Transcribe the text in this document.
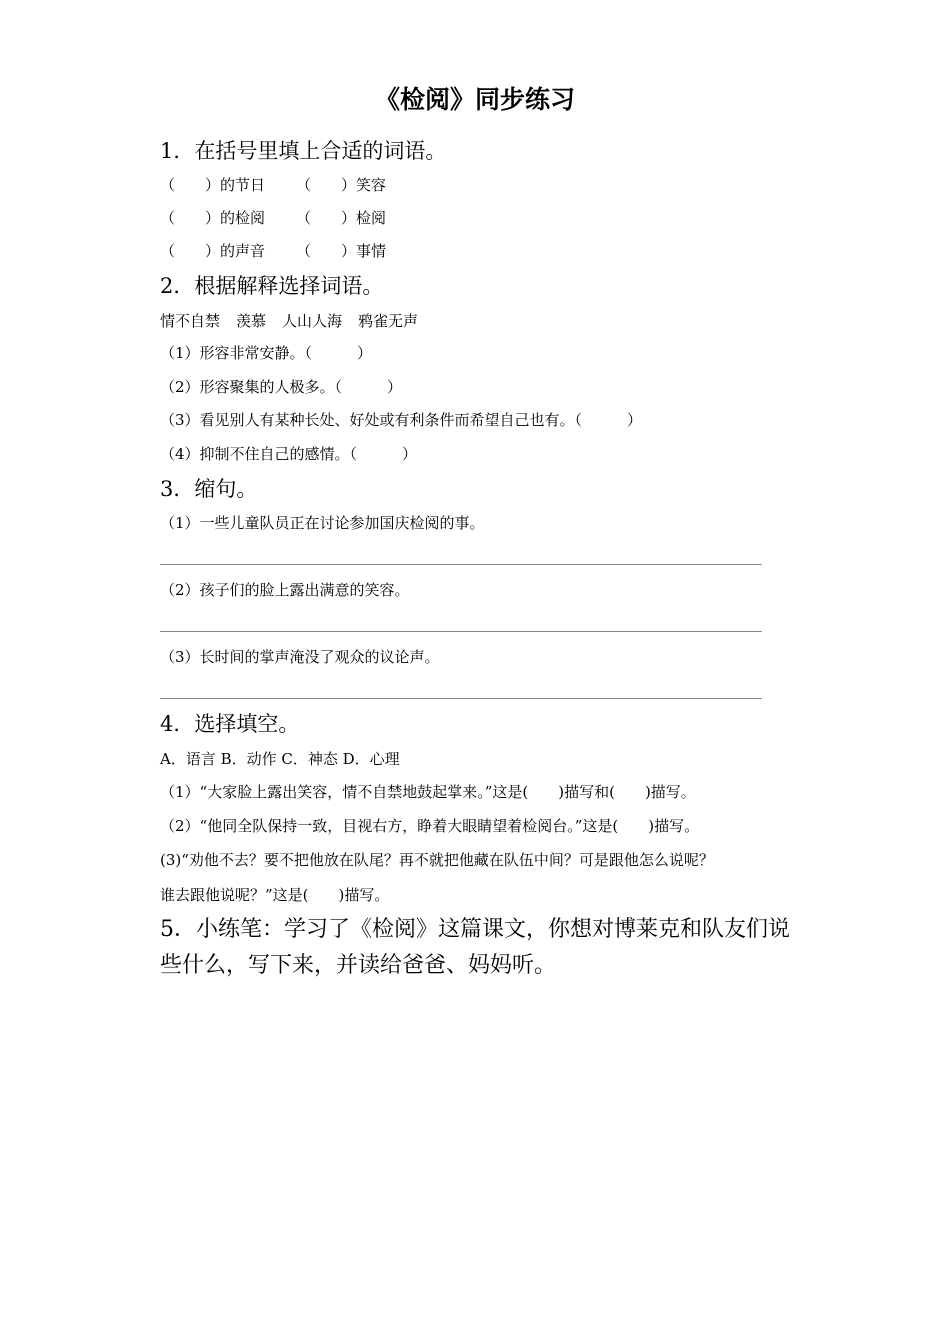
《检阅》同步练习
1．在括号里填上合适的词语。
（　　）的节日 （　　）笑容
（　　）的检阅 （　　）检阅
（　　）的声音 （　　）事情
2．根据解释选择词语。
情不自禁 羡慕 人山人海 鸦雀无声
（1）形容非常安静。（　　　）
（2）形容聚集的人极多。（　　　）
（3）看见别人有某种长处、好处或有利条件而希望自己也有。（　　　）
（4）抑制不住自己的感情。（　　　）
3．缩句。
（1）一些儿童队员正在讨论参加国庆检阅的事。
（2）孩子们的脸上露出满意的笑容。
（3）长时间的掌声淹没了观众的议论声。
4．选择填空。
A．语言 B．动作 C．神态 D．心理
（1）“大家脸上露出笑容，情不自禁地鼓起掌来。”这是(　　)描写和(　　)描写。
（2）“他同全队保持一致，目视右方，睁着大眼睛望着检阅台。”这是(　　)描写。
(3)“劝他不去？要不把他放在队尾？再不就把他藏在队伍中间？可是跟他怎么说呢？
谁去跟他说呢？”这是(　　)描写。
5．小练笔：学习了《检阅》这篇课文，你想对博莱克和队友们说些什么，写下来，并读给爸爸、妈妈听。
